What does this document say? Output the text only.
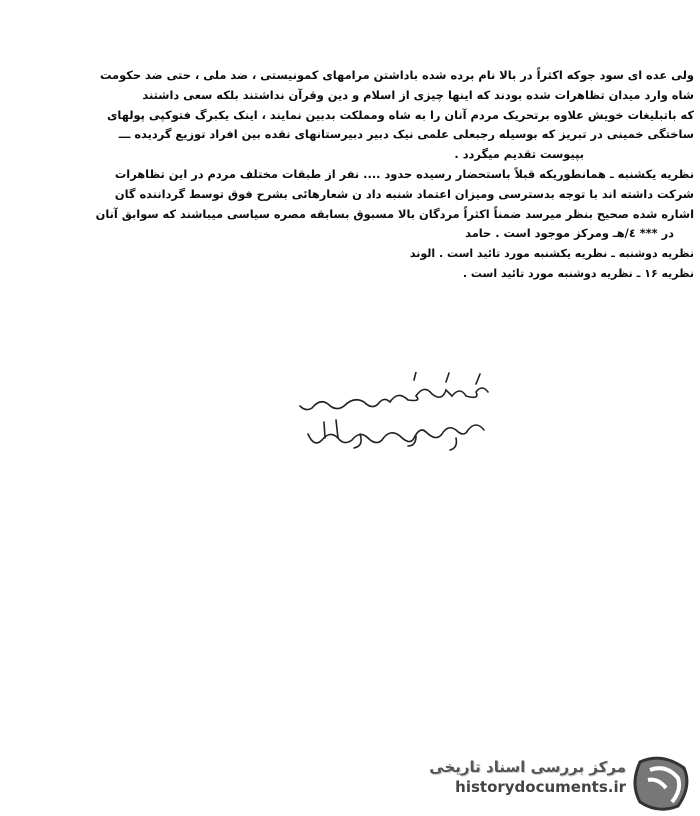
ولی عده ای سود جوکه اکثراً در بالا نام برده شده باداشتن مرامهای کمونیستی ، ضد ملی ، حتی ضد حکومت
شاه وارد میدان تظاهرات شده بودند که اینها چیزی از اسلام و دین وقرآن نداشتند بلکه سعی داشتند
که باتبلیغات خویش علاوه برتحریک مردم آنان را به شاه ومملکت بدبین نمایند ، اینک یکبرگ فتوکپی پولهای
ساختگی خمینی در تبریز که بوسیله رجبعلی علمی نیک دبیر دبیرستانهای نقده بین افراد توزیع گردیده ـــ
بپیوست تقدیم میگردد .
نظریه یکشنبه ـ همانطوریکه قبلاً باستحضار رسیده حدود .... نفر از طبقات مختلف مردم در این تظاهرات
شرکت داشته اند با توجه بدسترسی ومیزان اعتماد شنبه داد ن شعارهائی بشرح فوق توسط گرداننده گان
اشاره شده صحیح بنظر میرسد ضمناً اکثراً مردگان بالا مسبوق بسابقه مصره سیاسی میباشند که سوابق آنان
در *** ٤/هـ ومرکز موجود است . حامد
نظریه دوشنبه ـ نظریه یکشنبه مورد تائید است . الوند
نظریه ۱۶ ـ نظریه دوشنبه مورد تائید است .
مرکز بررسی اسناد تاریخی
historydocuments.ir
